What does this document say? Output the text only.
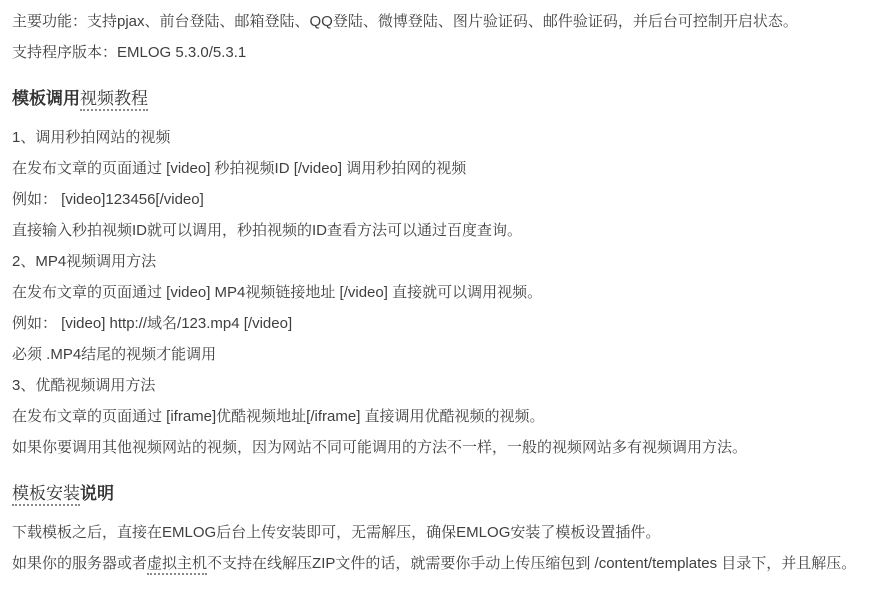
主要功能：支持pjax、前台登陆、邮箱登陆、QQ登陆、微博登陆、图片验证码、邮件验证码，并后台可控制开启状态。

支持程序版本：EMLOG 5.3.0/5.3.1

模板调用视频教程

1、调用秒拍网站的视频

在发布文章的页面通过 [video] 秒拍视频ID [/video] 调用秒拍网的视频

例如： [video]123456[/video]

直接输入秒拍视频ID就可以调用，秒拍视频的ID查看方法可以通过百度查询。

2、MP4视频调用方法

在发布文章的页面通过 [video] MP4视频链接地址 [/video] 直接就可以调用视频。

例如： [video] http://域名/123.mp4 [/video]

必须 .MP4结尾的视频才能调用

3、优酷视频调用方法

在发布文章的页面通过 [iframe]优酷视频地址[/iframe] 直接调用优酷视频的视频。

如果你要调用其他视频网站的视频，因为网站不同可能调用的方法不一样，一般的视频网站多有视频调用方法。

模板安装说明

下载模板之后，直接在EMLOG后台上传安装即可，无需解压，确保EMLOG安装了模板设置插件。

如果你的服务器或者虚拟主机不支持在线解压ZIP文件的话，就需要你手动上传压缩包到 /content/templates 目录下，并且解压。
